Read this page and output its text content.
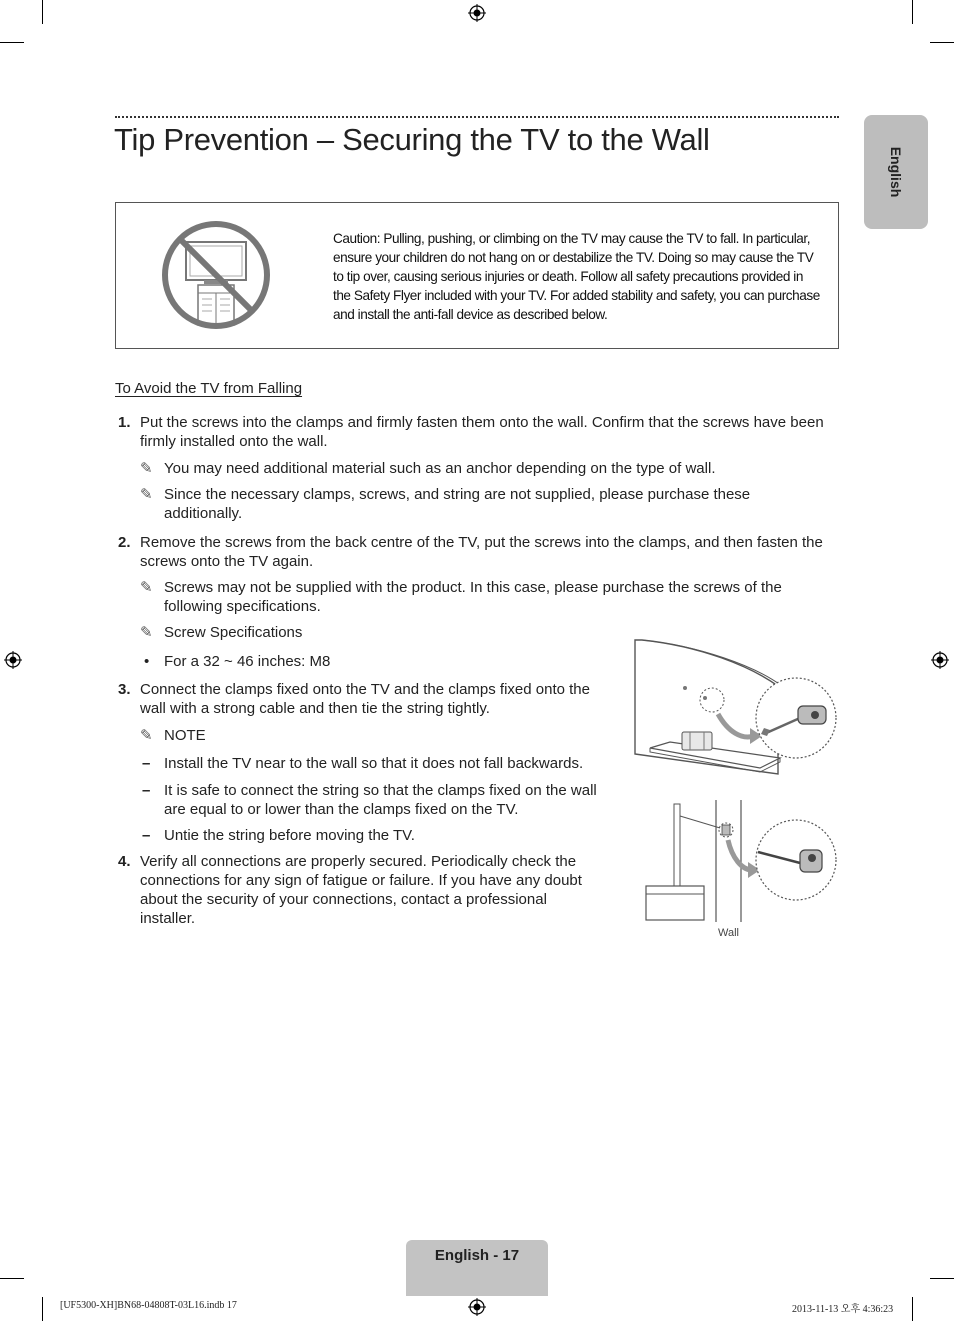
Tip Prevention – Securing the TV to the Wall
English
Caution: Pulling, pushing, or climbing on the TV may cause the TV to fall. In particular, ensure your children do not hang on or destabilize the TV. Doing so may cause the TV to tip over, causing serious injuries or death. Follow all safety precautions provided in the Safety Flyer included with your TV. For added stability and safety, you can purchase and install the anti-fall device as described below.
To Avoid the TV from Falling
1. Put the screws into the clamps and firmly fasten them onto the wall. Confirm that the screws have been firmly installed onto the wall.
✎ You may need additional material such as an anchor depending on the type of wall.
✎ Since the necessary clamps, screws, and string are not supplied, please purchase these additionally.
2. Remove the screws from the back centre of the TV, put the screws into the clamps, and then fasten the screws onto the TV again.
✎ Screws may not be supplied with the product. In this case, please purchase the screws of the following specifications.
✎ Screw Specifications
• For a 32 ~ 46 inches: M8
3. Connect the clamps fixed onto the TV and the clamps fixed onto the wall with a strong cable and then tie the string tightly.
✎ NOTE
– Install the TV near to the wall so that it does not fall backwards.
– It is safe to connect the string so that the clamps fixed on the wall are equal to or lower than the clamps fixed on the TV.
– Untie the string before moving the TV.
4. Verify all connections are properly secured. Periodically check the connections for any sign of fatigue or failure. If you have any doubt about the security of your connections, contact a professional installer.
Wall
English - 17
[UF5300-XH]BN68-04808T-03L16.indb 17	2013-11-13 오후 4:36:23
